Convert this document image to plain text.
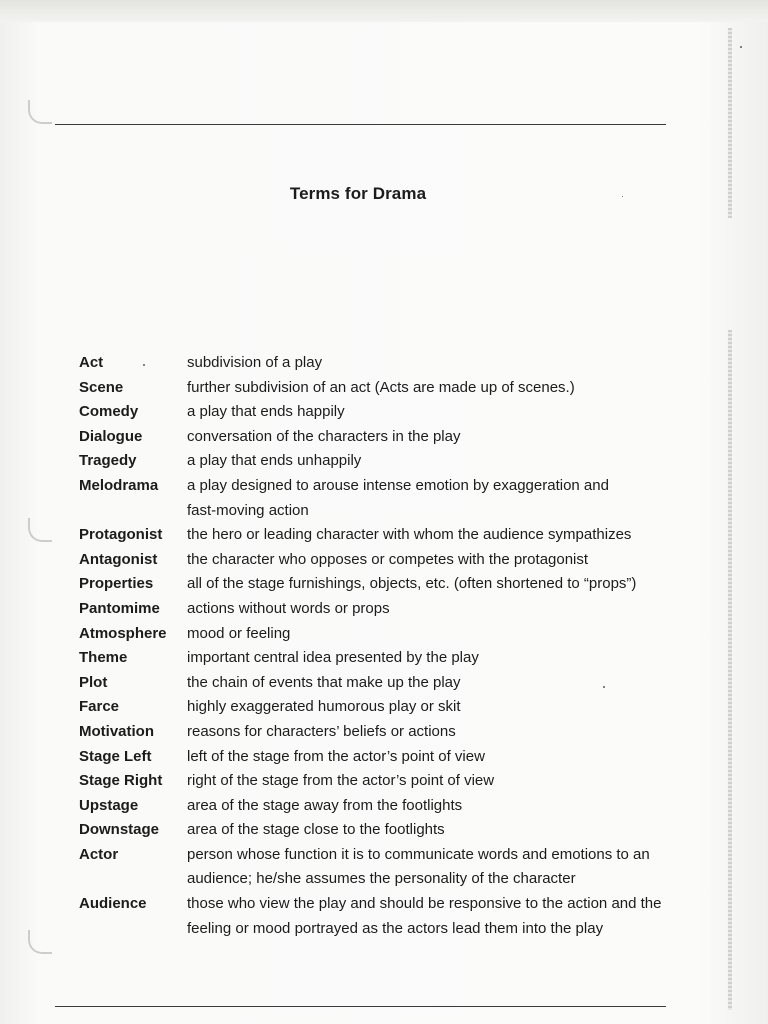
Terms for Drama
Act	subdivision of a play
Scene	further subdivision of an act (Acts are made up of scenes.)
Comedy	a play that ends happily
Dialogue	conversation of the characters in the play
Tragedy	a play that ends unhappily
Melodrama	a play designed to arouse intense emotion by exaggeration and
fast-moving action
Protagonist	the hero or leading character with whom the audience sympathizes
Antagonist	the character who opposes or competes with the protagonist
Properties	all of the stage furnishings, objects, etc. (often shortened to “props”)
Pantomime	actions without words or props
Atmosphere	mood or feeling
Theme	important central idea presented by the play
Plot	the chain of events that make up the play
Farce	highly exaggerated humorous play or skit
Motivation	reasons for characters’ beliefs or actions
Stage Left	left of the stage from the actor’s point of view
Stage Right	right of the stage from the actor’s point of view
Upstage	area of the stage away from the footlights
Downstage	area of the stage close to the footlights
Actor	person whose function it is to communicate words and emotions to an
audience; he/she assumes the personality of the character
Audience	those who view the play and should be responsive to the action and the
feeling or mood portrayed as the actors lead them into the play
